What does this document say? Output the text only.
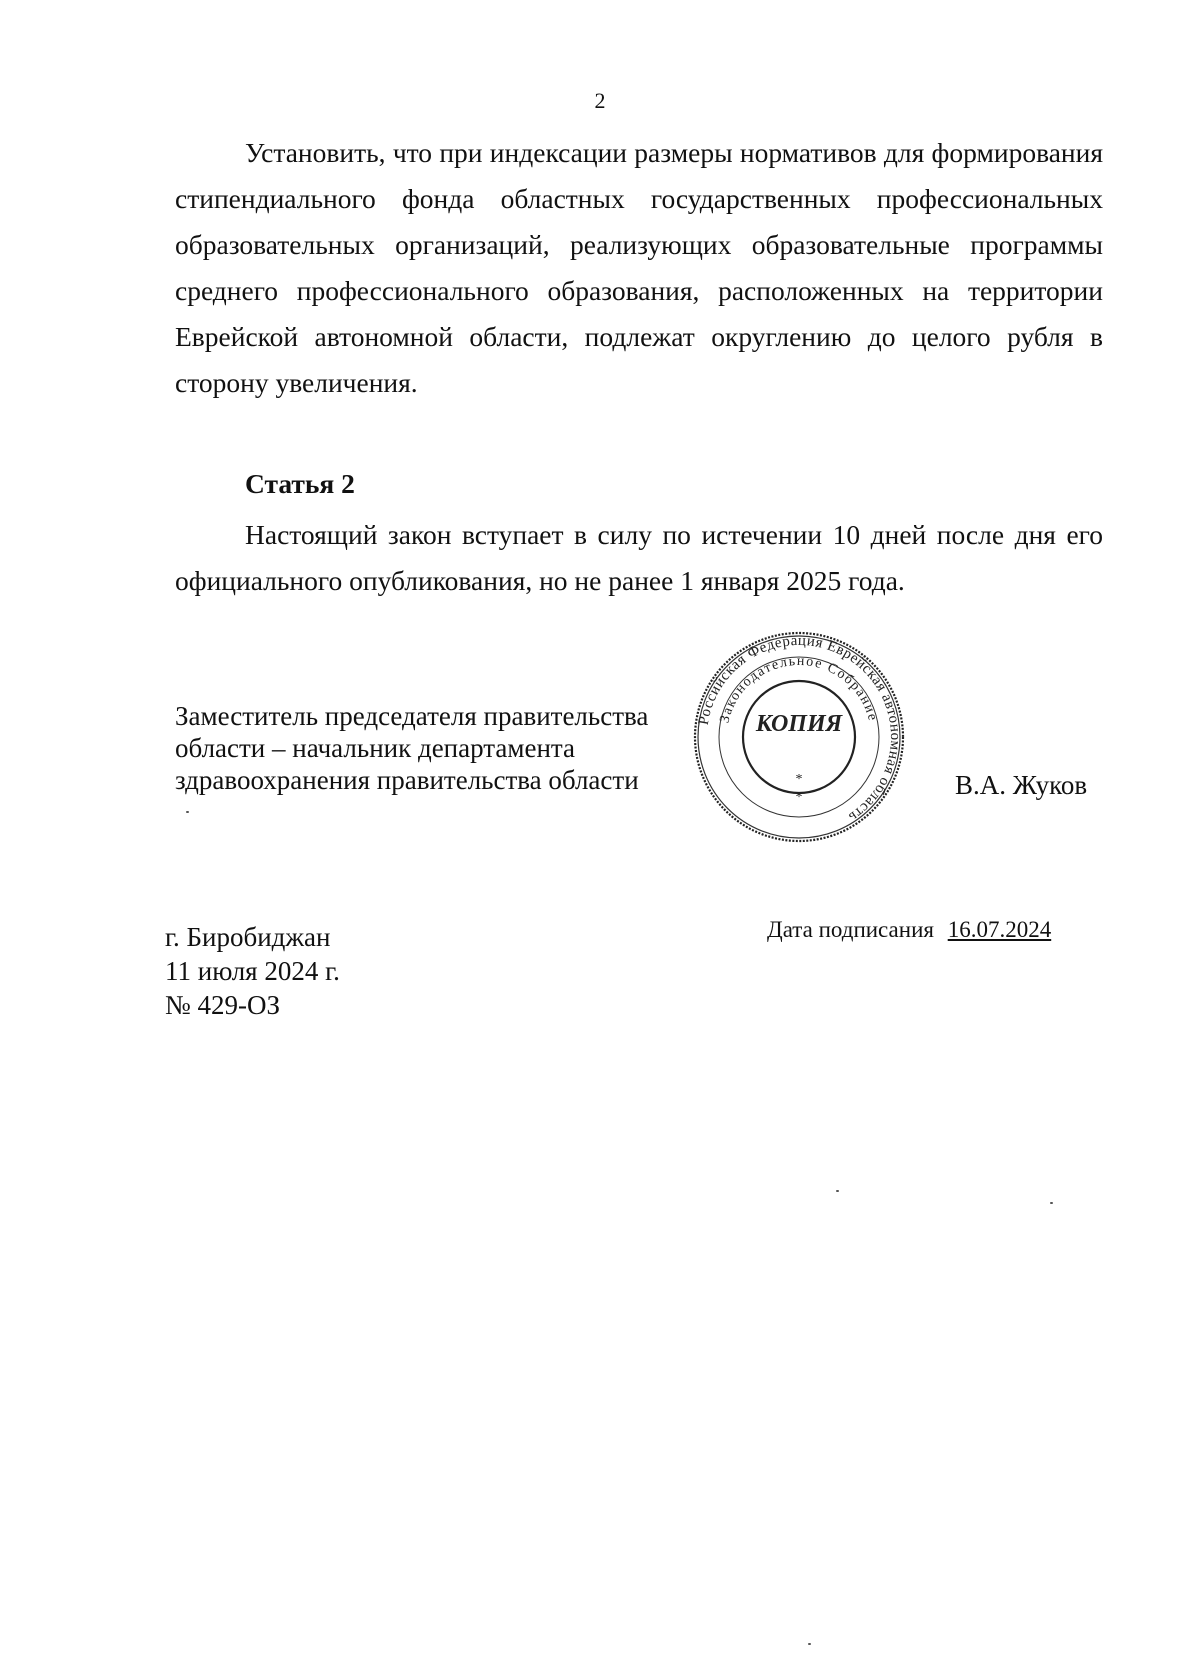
2

Установить, что при индексации размеры нормативов для формирования стипендиального фонда областных государственных профессиональных образовательных организаций, реализующих образовательные программы среднего профессионального образования, расположенных на территории Еврейской автономной области, подлежат округлению до целого рубля в сторону увеличения.

Статья 2

Настоящий закон вступает в силу по истечении 10 дней после дня его официального опубликования, но не ранее 1 января 2025 года.

Заместитель председателя правительства
области – начальник департамента
здравоохранения правительства области
Российская Федерация Еврейская автономная область
Законодательное Собрание
КОПИЯ
*
*	В.А. Жуков
г. Биробиджан
11 июля 2024 г.
№ 429-ОЗ
Дата подписания 16.07.2024
